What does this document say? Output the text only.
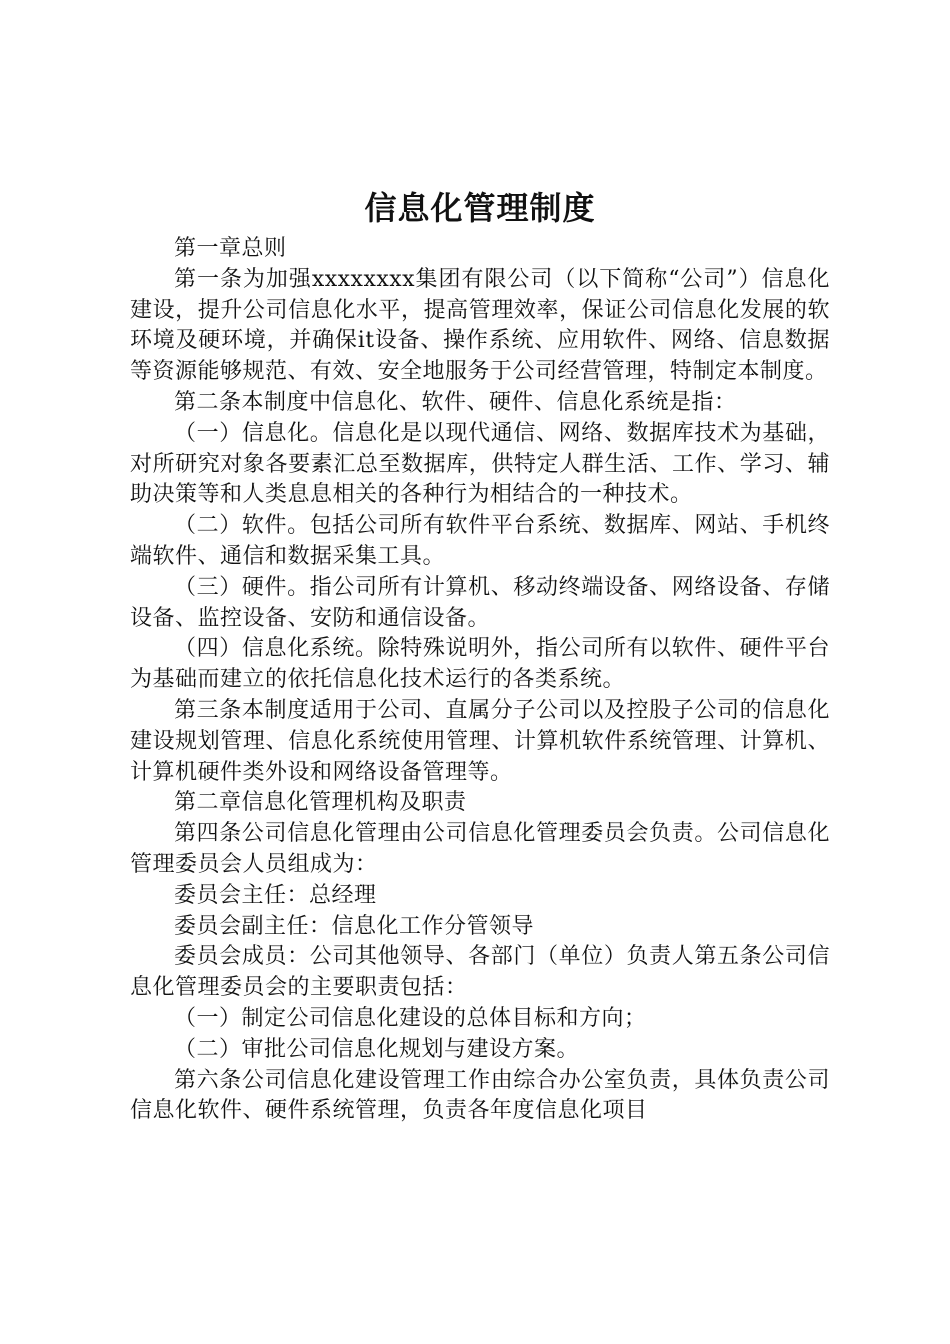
信息化管理制度

第一章总则

第一条为加强xxxxxxxx集团有限公司（以下简称“公司”）信息化建设，提升公司信息化水平，提高管理效率，保证公司信息化发展的软环境及硬环境，并确保it设备、操作系统、应用软件、网络、信息数据等资源能够规范、有效、安全地服务于公司经营管理，特制定本制度。

第二条本制度中信息化、软件、硬件、信息化系统是指：

（一）信息化。信息化是以现代通信、网络、数据库技术为基础，对所研究对象各要素汇总至数据库，供特定人群生活、工作、学习、辅助决策等和人类息息相关的各种行为相结合的一种技术。

（二）软件。包括公司所有软件平台系统、数据库、网站、手机终端软件、通信和数据采集工具。

（三）硬件。指公司所有计算机、移动终端设备、网络设备、存储设备、监控设备、安防和通信设备。

（四）信息化系统。除特殊说明外，指公司所有以软件、硬件平台为基础而建立的依托信息化技术运行的各类系统。

第三条本制度适用于公司、直属分子公司以及控股子公司的信息化建设规划管理、信息化系统使用管理、计算机软件系统管理、计算机、计算机硬件类外设和网络设备管理等。

第二章信息化管理机构及职责

第四条公司信息化管理由公司信息化管理委员会负责。公司信息化管理委员会人员组成为：

委员会主任：总经理

委员会副主任：信息化工作分管领导

委员会成员：公司其他领导、各部门（单位）负责人第五条公司信息化管理委员会的主要职责包括：

（一）制定公司信息化建设的总体目标和方向；

（二）审批公司信息化规划与建设方案。

第六条公司信息化建设管理工作由综合办公室负责，具体负责公司信息化软件、硬件系统管理，负责各年度信息化项目
